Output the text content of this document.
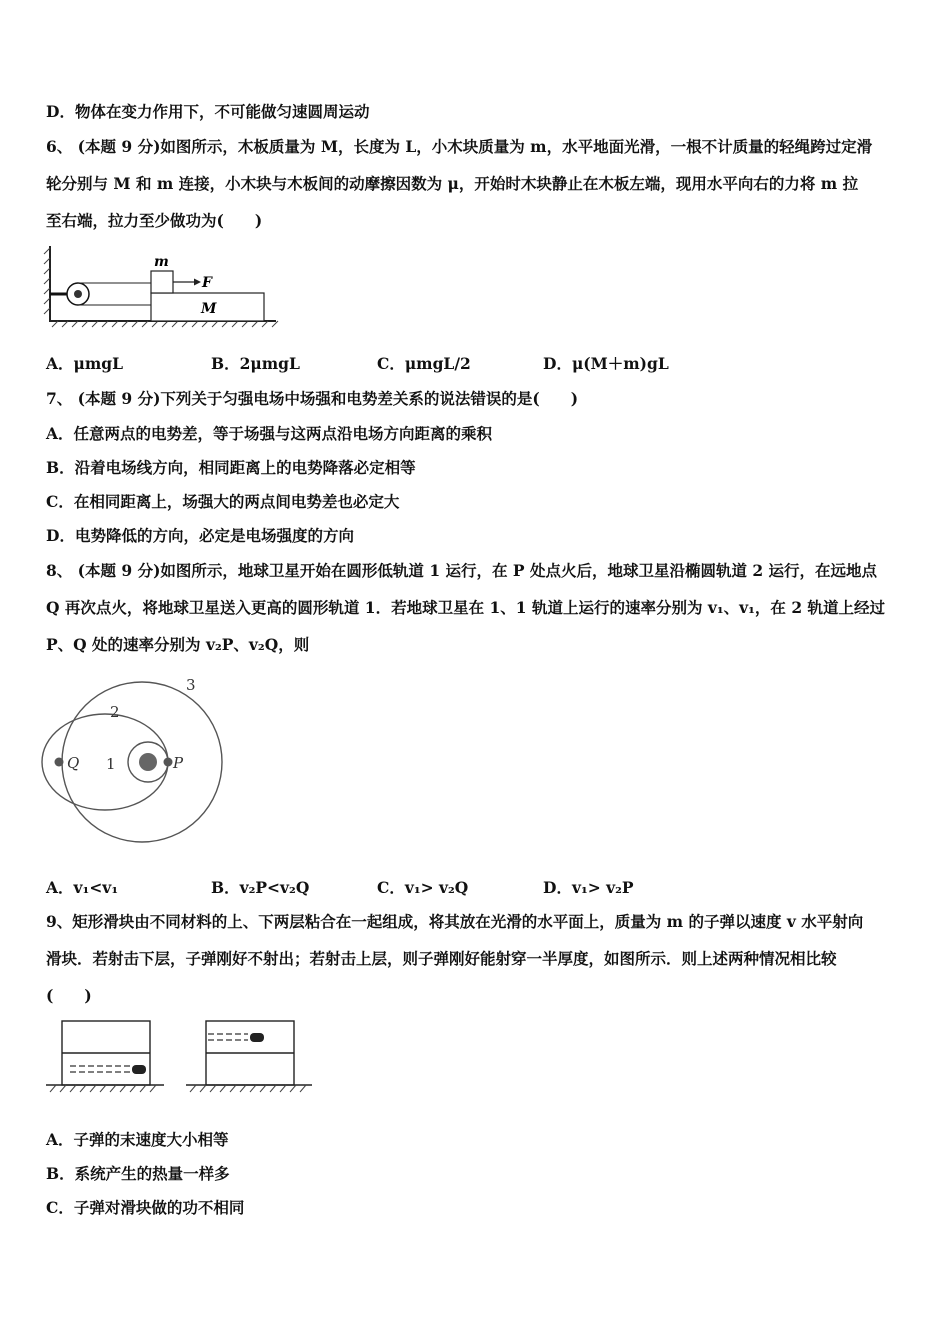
D．物体在变力作用下，不可能做匀速圆周运动
6、 (本题 9 分)如图所示，木板质量为 M，长度为 L，小木块质量为 m，水平地面光滑，一根不计质量的轻绳跨过定滑
轮分别与 M 和 m 连接，小木块与木板间的动摩擦因数为 μ，开始时木块静止在木板左端，现用水平向右的力将 m 拉
至右端，拉力至少做功为(　　)
m
F
M
A．μmgL	B．2μmgL	C．μmgL/2	D．μ(M＋m)gL
7、 (本题 9 分)下列关于匀强电场中场强和电势差关系的说法错误的是(　　)
A．任意两点的电势差，等于场强与这两点沿电场方向距离的乘积
B．沿着电场线方向，相同距离上的电势降落必定相等
C．在相同距离上，场强大的两点间电势差也必定大
D．电势降低的方向，必定是电场强度的方向
8、 (本题 9 分)如图所示，地球卫星开始在圆形低轨道 1 运行，在 P 处点火后，地球卫星沿椭圆轨道 2 运行，在远地点
Q 再次点火，将地球卫星送入更高的圆形轨道 1．若地球卫星在 1、1 轨道上运行的速率分别为 v₁、v₁，在 2 轨道上经过
P、Q 处的速率分别为 v₂P、v₂Q，则
3
2
1
Q	P
A．v₁<v₁	B．v₂P<v₂Q	C．v₁> v₂Q	D．v₁> v₂P
9、矩形滑块由不同材料的上、下两层粘合在一起组成，将其放在光滑的水平面上，质量为 m 的子弹以速度 v 水平射向
滑块．若射击下层，子弹刚好不射出；若射击上层，则子弹刚好能射穿一半厚度，如图所示．则上述两种情况相比较
(　　)
A．子弹的末速度大小相等
B．系统产生的热量一样多
C．子弹对滑块做的功不相同
